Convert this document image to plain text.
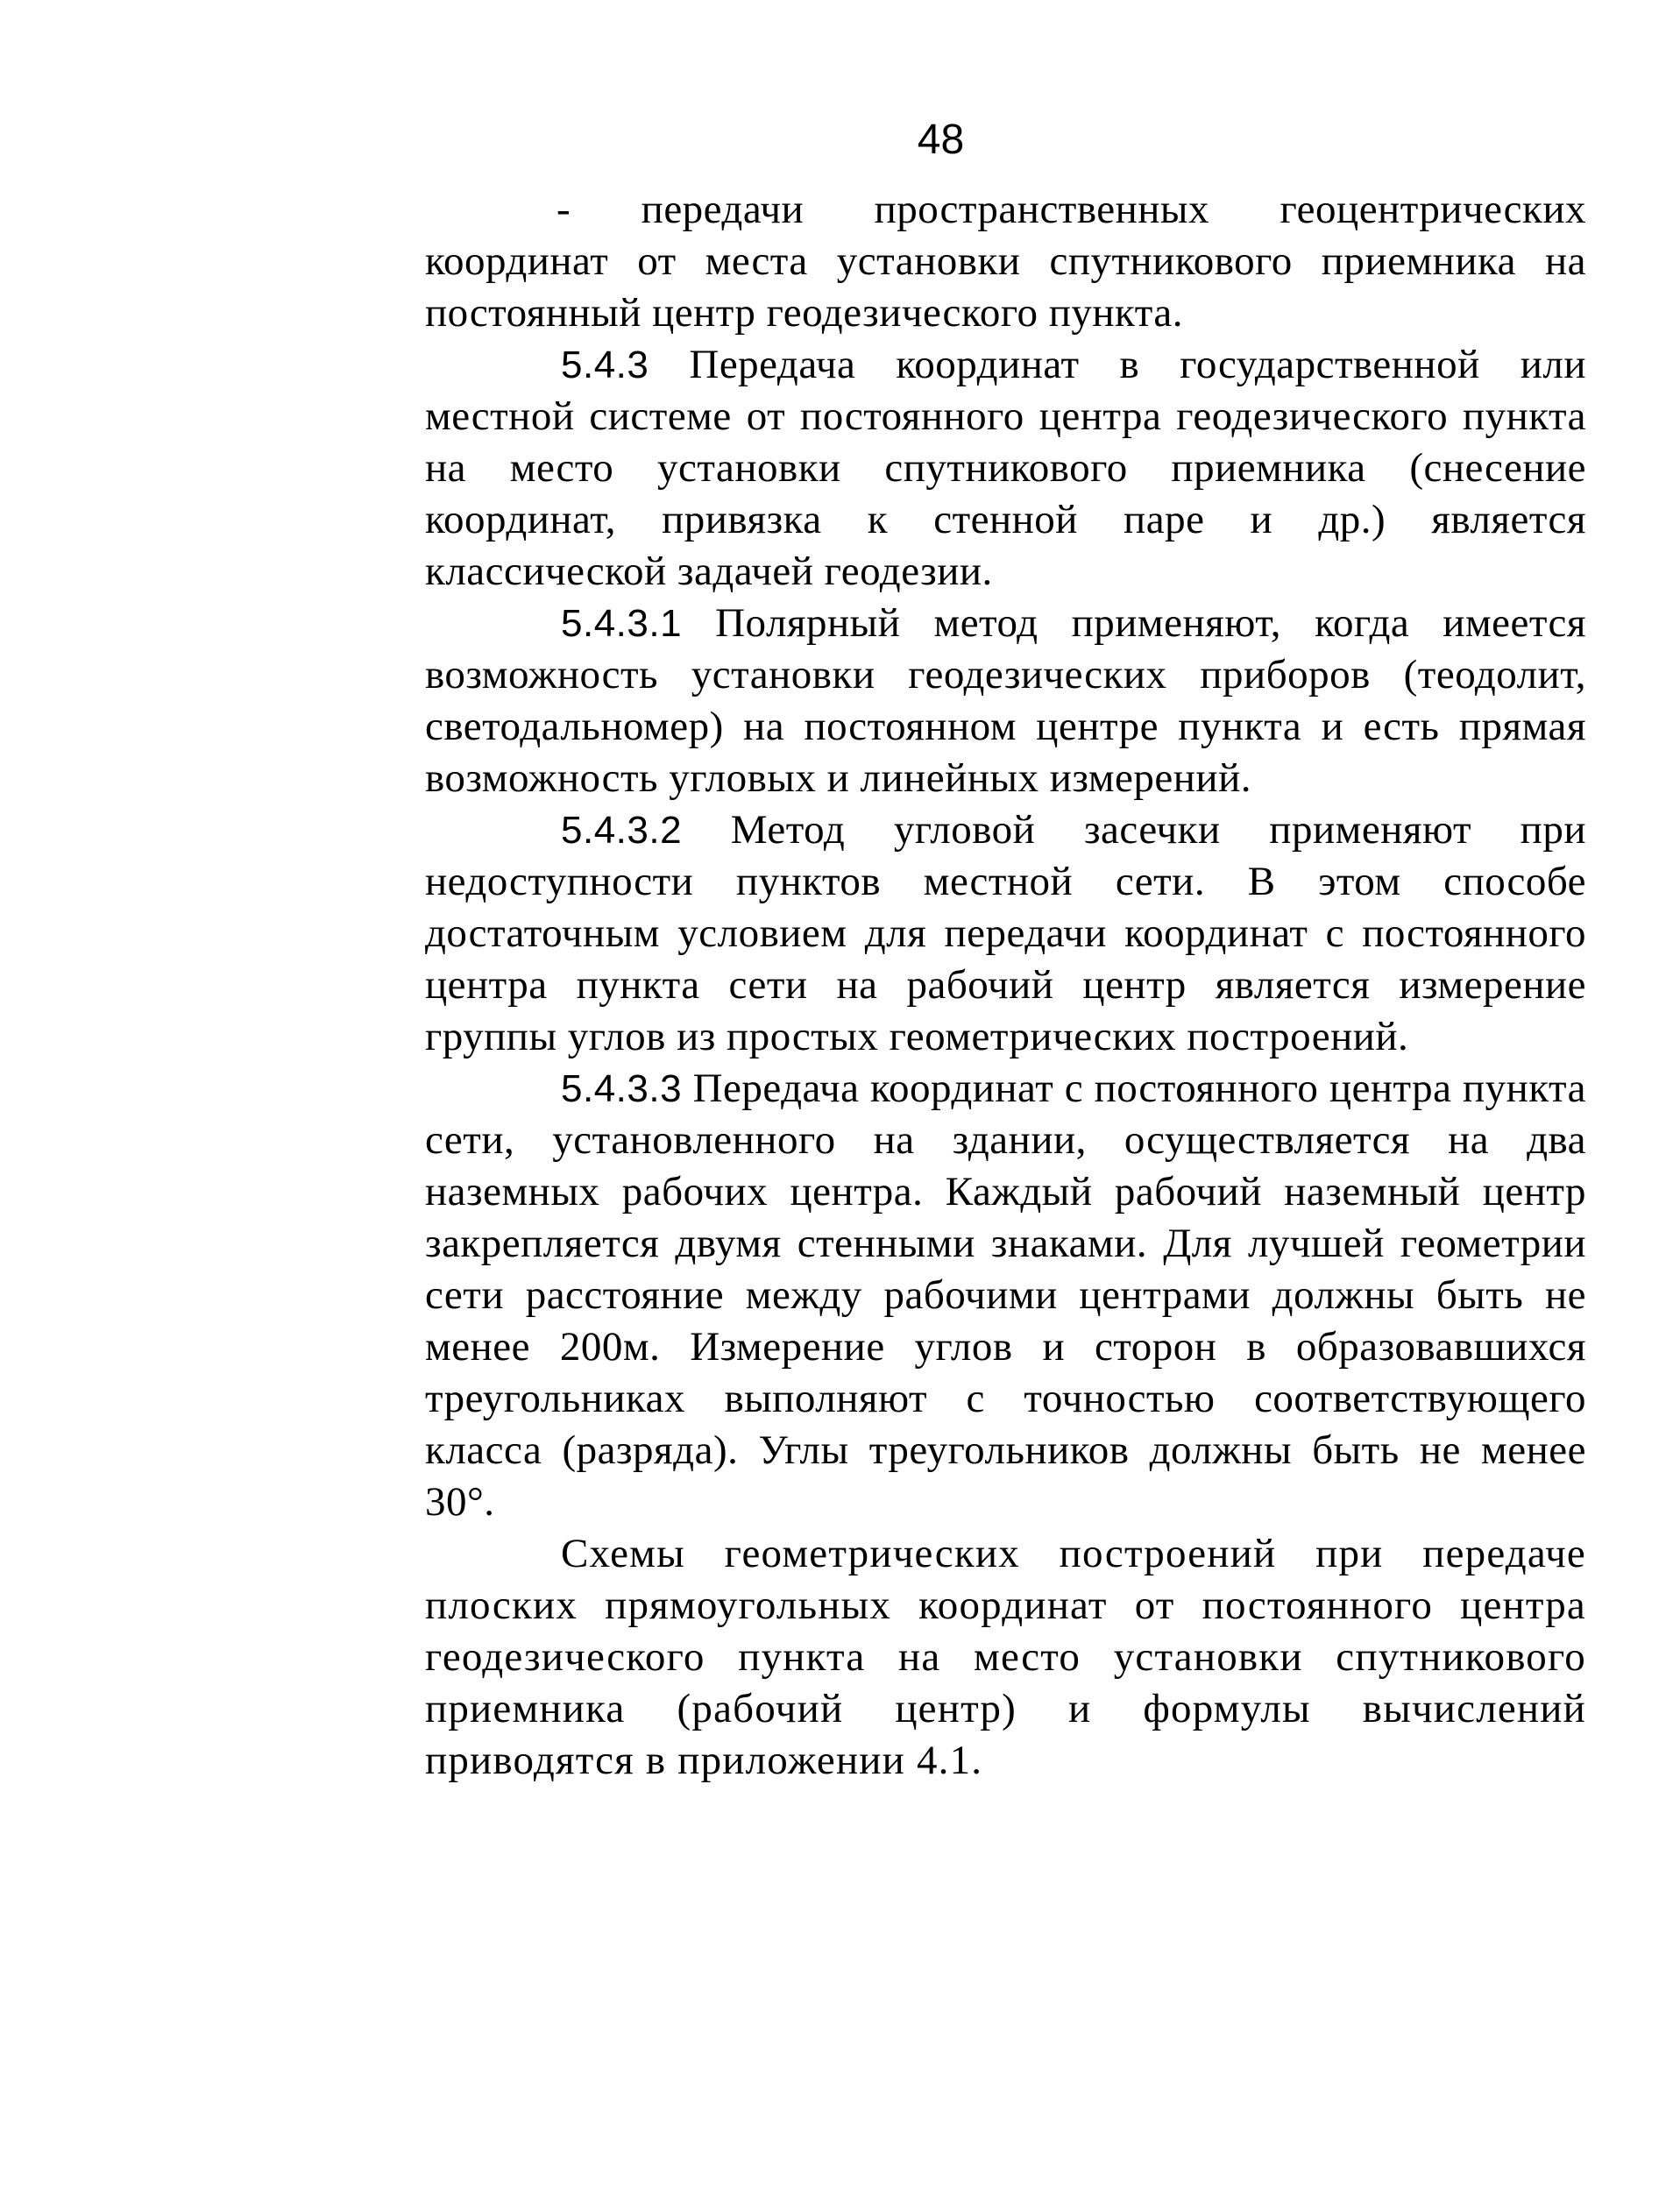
48

- передачи пространственных геоцентрических координат от места установки спутникового приемника на постоянный центр геодезического пункта.

5.4.3 Передача координат в государственной или местной системе от постоянного центра геодезического пункта на место установки спутникового приемника (снесение координат, привязка к стенной паре и др.) является классической задачей геодезии.

5.4.3.1 Полярный метод применяют, когда имеется возможность установки геодезических приборов (теодолит, светодальномер) на постоянном центре пункта и есть прямая возможность угловых и линейных измерений.

5.4.3.2 Метод угловой засечки применяют при недоступности пунктов местной сети. В этом способе достаточным условием для передачи координат с постоянного центра пункта сети на рабочий центр является измерение группы углов из простых геометрических построений.

5.4.3.3 Передача координат с постоянного центра пункта сети, установленного на здании, осуществляется на два наземных рабочих центра. Каждый рабочий наземный центр закрепляется двумя стенными знаками. Для лучшей геометрии сети расстояние между рабочими центрами должны быть не менее 200м. Измерение углов и сторон в образовавшихся треугольниках выполняют с точностью соответствующего класса (разряда). Углы треугольников должны быть не менее 30°.

Схемы геометрических построений при передаче плоских прямоугольных координат от постоянного центра геодезического пункта на место установки спутникового приемника (рабочий центр) и формулы вычислений приводятся в приложении 4.1.
